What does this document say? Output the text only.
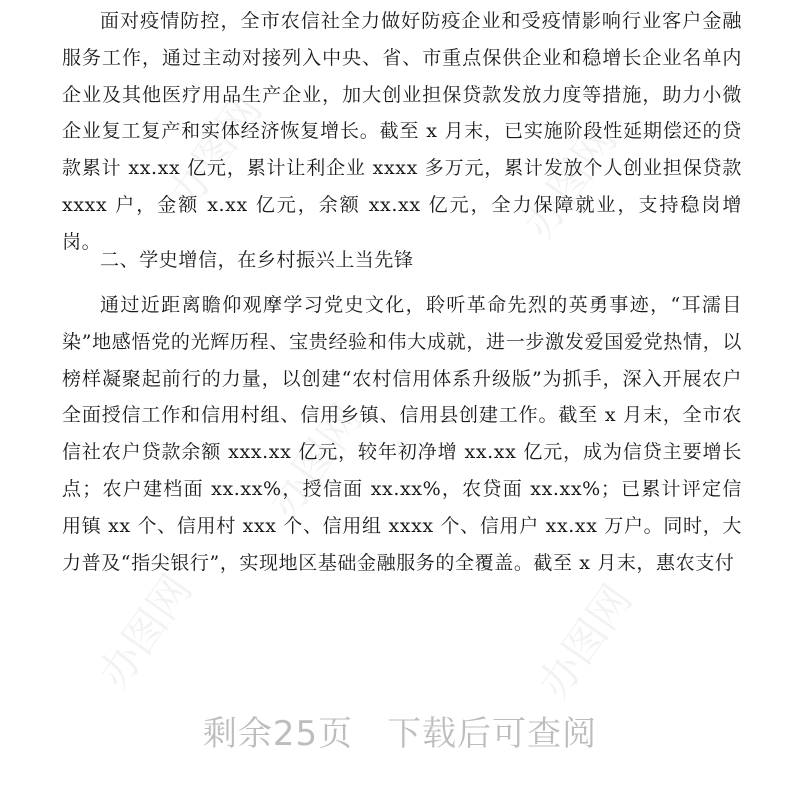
办图网
办图网
办图网
办图网
办图网

面对疫情防控，全市农信社全力做好防疫企业和受疫情影响行业客户金融服务工作，通过主动对接列入中央、省、市重点保供企业和稳增长企业名单内企业及其他医疗用品生产企业，加大创业担保贷款发放力度等措施，助力小微企业复工复产和实体经济恢复增长。截至 x 月末，已实施阶段性延期偿还的贷款累计 xx.xx 亿元，累计让利企业 xxxx 多万元，累计发放个人创业担保贷款 xxxx 户，金额 x.xx 亿元，余额 xx.xx 亿元，全力保障就业，支持稳岗增岗。

二、学史增信，在乡村振兴上当先锋

通过近距离瞻仰观摩学习党史文化，聆听革命先烈的英勇事迹，“耳濡目染”地感悟党的光辉历程、宝贵经验和伟大成就，进一步激发爱国爱党热情，以榜样凝聚起前行的力量，以创建“农村信用体系升级版”为抓手，深入开展农户全面授信工作和信用村组、信用乡镇、信用县创建工作。截至 x 月末，全市农信社农户贷款余额 xxx.xx 亿元，较年初净增 xx.xx 亿元，成为信贷主要增长点；农户建档面 xx.xx%，授信面 xx.xx%，农贷面 xx.xx%；已累计评定信用镇 xx 个、信用村 xxx 个、信用组 xxxx 个、信用户 xx.xx 万户。同时，大力普及“指尖银行”，实现地区基础金融服务的全覆盖。截至 x 月末，惠农支付

剩余25页 下载后可查阅
